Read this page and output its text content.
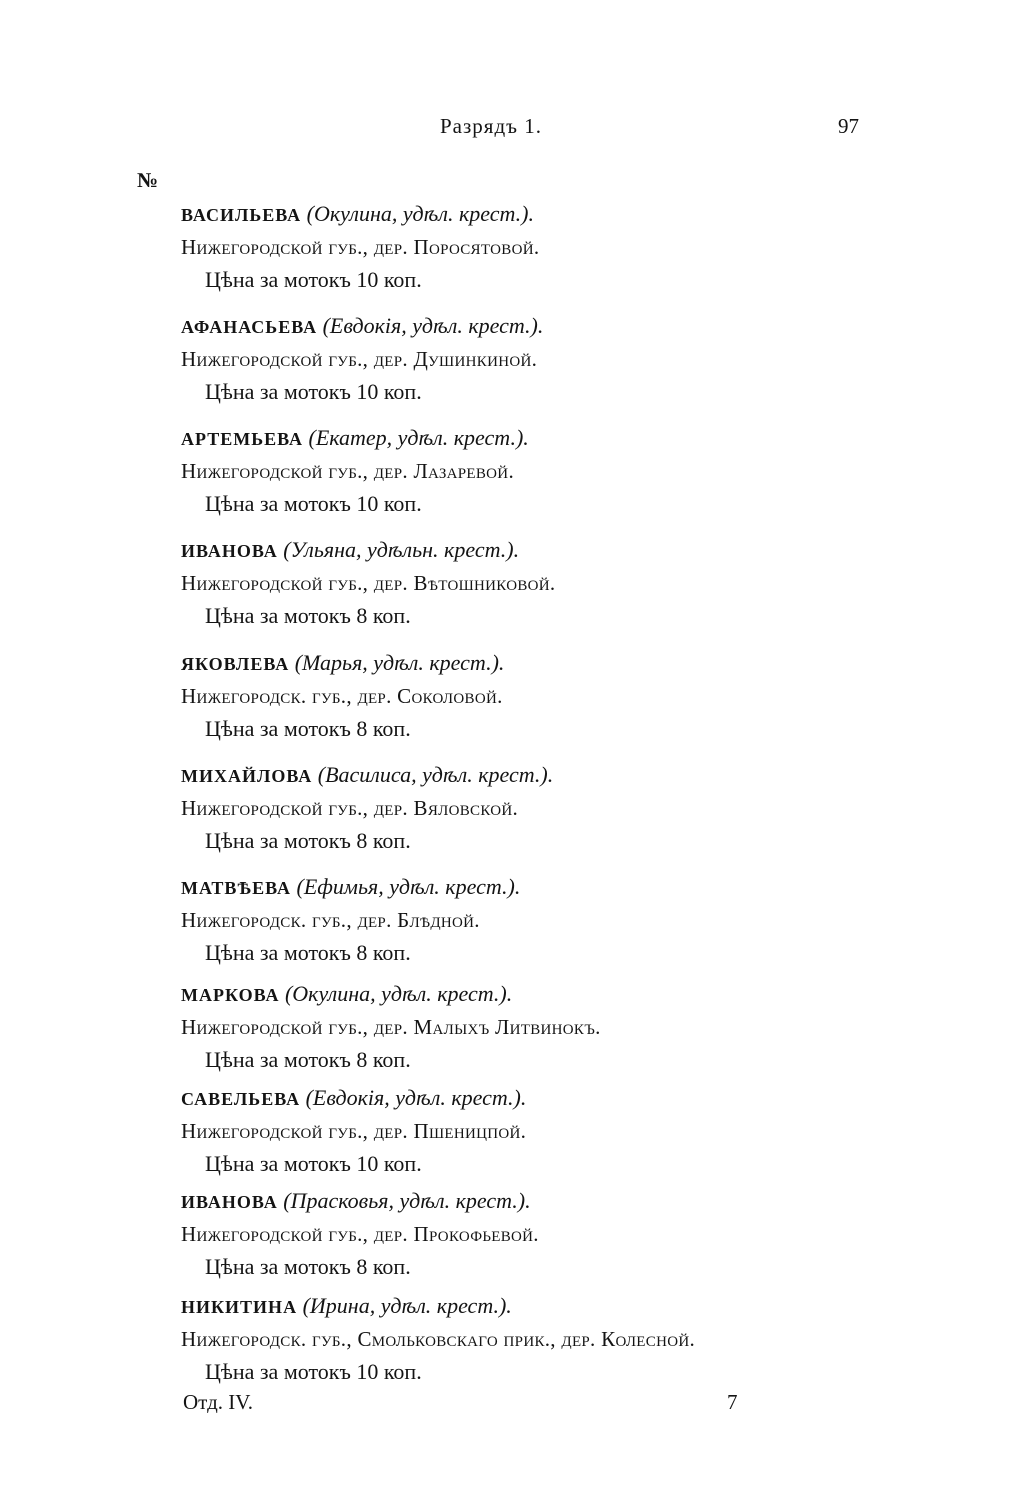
Разрядъ 1.	97
№
ВАСИЛЬЕВА (Окулина, удѣл. крест.).
Нижегородской губ., дер. Поросятовой.
Цѣна за мотокъ 10 коп.
АФАНАСЬЕВА (Евдокія, удѣл. крест.).
Нижегородской губ., дер. Душинкиной.
Цѣна за мотокъ 10 коп.
АРТЕМЬЕВА (Екатер, удѣл. крест.).
Нижегородской губ., дер. Лазаревой.
Цѣна за мотокъ 10 коп.
ИВАНОВА (Ульяна, удѣльн. крест.).
Нижегородской губ., дер. Вѣтошниковой.
Цѣна за мотокъ 8 коп.
ЯКОВЛЕВА (Марья, удѣл. крест.).
Нижегородск. губ., дер. Соколовой.
Цѣна за мотокъ 8 коп.
МИХАЙЛОВА (Василиса, удѣл. крест.).
Нижегородской губ., дер. Вяловской.
Цѣна за мотокъ 8 коп.
МАТВѢЕВА (Ефимья, удѣл. крест.).
Нижегородск. губ., дер. Блѣдной.
Цѣна за мотокъ 8 коп.
МАРКОВА (Окулина, удѣл. крест.).
Нижегородской губ., дер. Малыхъ Литвинокъ.
Цѣна за мотокъ 8 коп.
САВЕЛЬЕВА (Евдокія, удѣл. крест.).
Нижегородской губ., дер. Пшеницпой.
Цѣна за мотокъ 10 коп.
ИВАНОВА (Прасковья, удѣл. крест.).
Нижегородской губ., дер. Прокофьевой.
Цѣна за мотокъ 8 коп.
НИКИТИНА (Ирина, удѣл. крест.).
Нижегородск. губ., Смольковскаго прик., дер. Колесной.
Цѣна за мотокъ 10 коп.
Отд. IV.	7
